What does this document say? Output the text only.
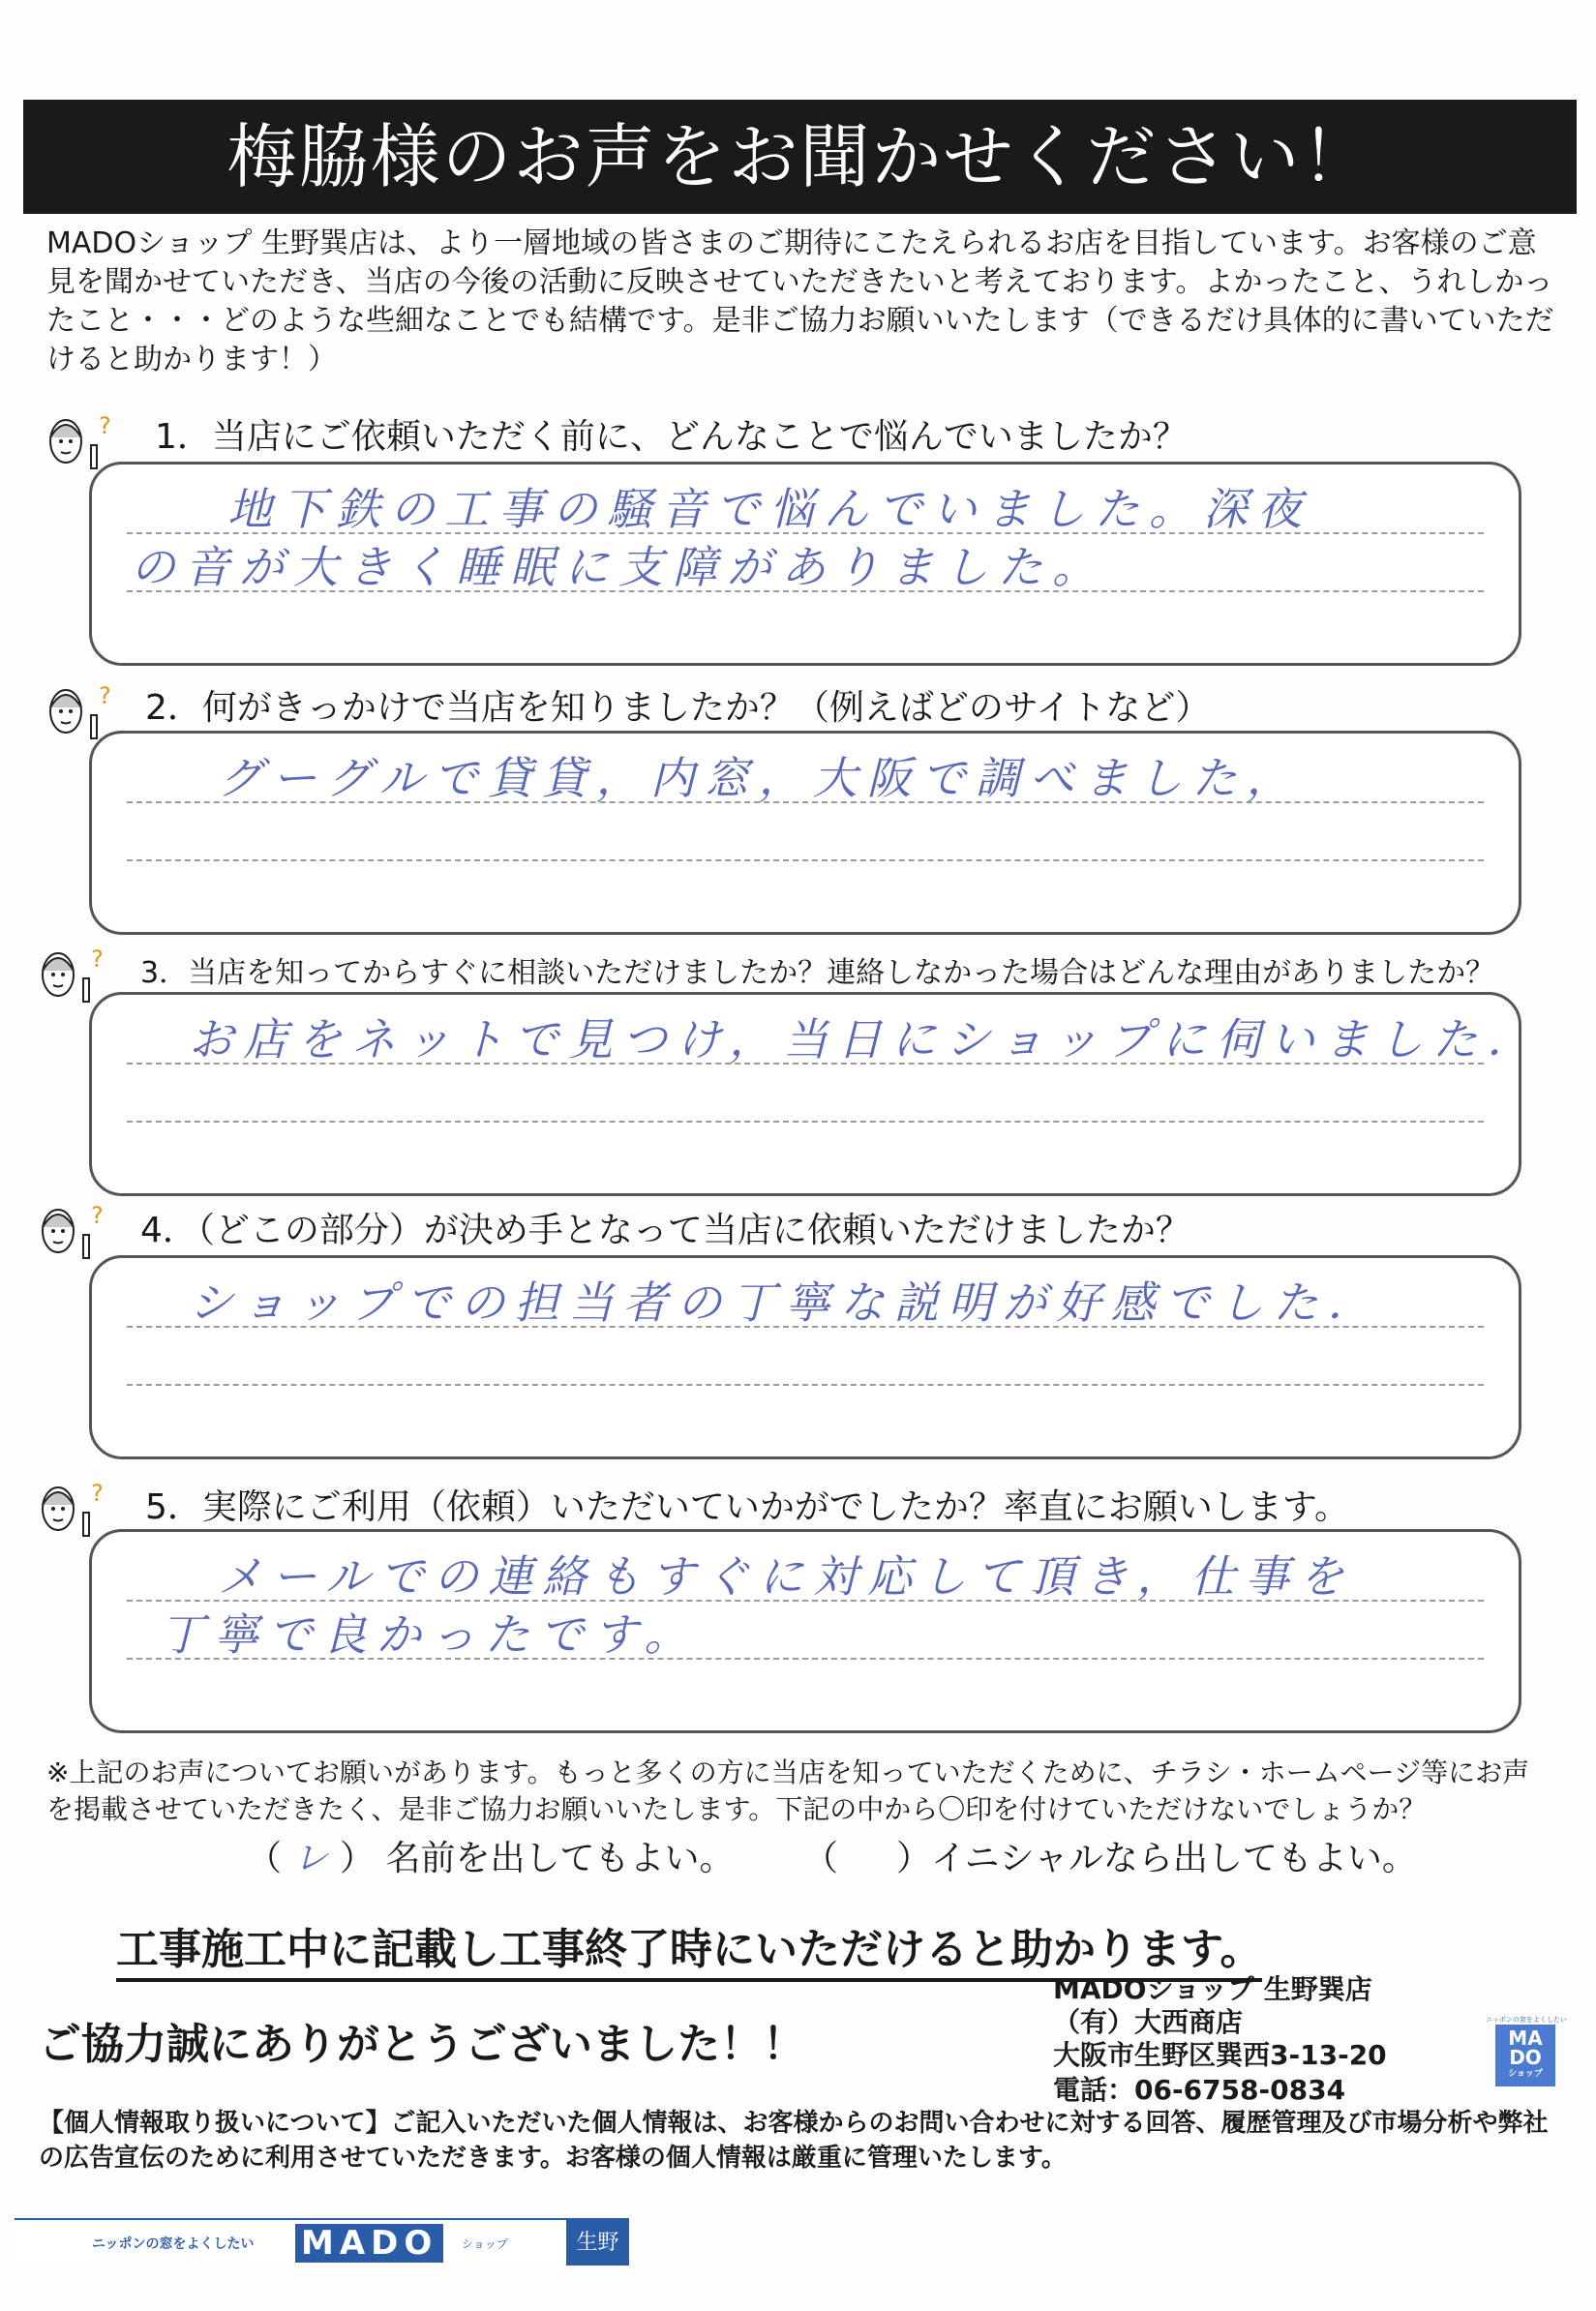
梅脇様のお声をお聞かせください！
MADOショップ 生野巽店は、より一層地域の皆さまのご期待にこたえられるお店を目指しています。お客様のご意見を聞かせていただき、当店の今後の活動に反映させていただきたいと考えております。よかったこと、うれしかったこと・・・どのような些細なことでも結構です。是非ご協力お願いいたします（できるだけ具体的に書いていただけると助かります！）
? 1．当店にご依頼いただく前に、どんなことで悩んでいましたか？
地下鉄の工事の騒音で悩んでいました。深夜
の音が大きく睡眠に支障がありました。
? 2．何がきっかけで当店を知りましたか？（例えばどのサイトなど）
グーグルで貸貸，内窓，大阪で調べました，
? 3．当店を知ってからすぐに相談いただけましたか？連絡しなかった場合はどんな理由がありましたか？
お店をネットで見つけ，当日にショップに伺いました．
? 4．（どこの部分）が決め手となって当店に依頼いただけましたか？
ショップでの担当者の丁寧な説明が好感でした．
? 5．実際にご利用（依頼）いただいていかがでしたか？率直にお願いします。
メールでの連絡もすぐに対応して頂き，仕事を
丁寧で良かったです。
※上記のお声についてお願いがあります。もっと多くの方に当店を知っていただくために、チラシ・ホームページ等にお声を掲載させていただきたく、是非ご協力お願いいたします。下記の中から〇印を付けていただけないでしょうか？
（ レ ） 名前を出してもよい。 （ ）イニシャルなら出してもよい。
工事施工中に記載し工事終了時にいただけると助かります。
ご協力誠にありがとうございました！！
MADOショップ 生野巽店
（有）大西商店
大阪市生野区巽西3-13-20
電話：06-6758-0834
ニッポンの窓をよくしたい
MA
DO
ショップ
【個人情報取り扱いについて】ご記入いただいた個人情報は、お客様からのお問い合わせに対する回答、履歴管理及び市場分析や弊社の広告宣伝のために利用させていただきます。お客様の個人情報は厳重に管理いたします。
ニッポンの窓をよくしたい MADO	ショップ	生野巽
